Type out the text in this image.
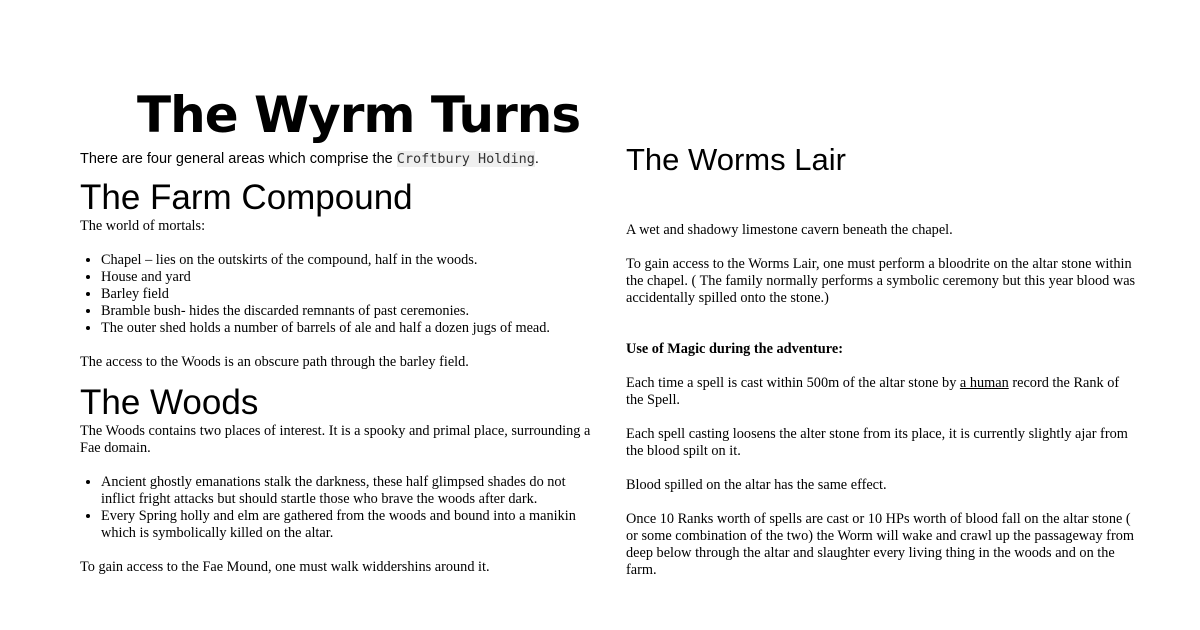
The Wyrm Turns

There are four general areas which comprise the Croftbury Holding.

The Farm Compound

The world of mortals:

• Chapel – lies on the outskirts of the compound, half in the woods.
• House and yard
• Barley field
• Bramble bush- hides the discarded remnants of past ceremonies.
• The outer shed holds a number of barrels of ale and half a dozen jugs of mead.

The access to the Woods is an obscure path through the barley field.

The Woods

The Woods contains two places of interest. It is a spooky and primal place, surrounding a Fae domain.

• Ancient ghostly emanations stalk the darkness, these half glimpsed shades do not inflict fright attacks but should startle those who brave the woods after dark.
• Every Spring holly and elm are gathered from the woods and bound into a manikin which is symbolically killed on the altar.

To gain access to the Fae Mound, one must walk widdershins around it.

The Worms Lair

A wet and shadowy limestone cavern beneath the chapel.

To gain access to the Worms Lair, one must perform a bloodrite on the altar stone within the chapel. ( The family normally performs a symbolic ceremony but this year blood was accidentally spilled onto the stone.)

Use of Magic during the adventure:

Each time a spell is cast within 500m of the altar stone by a human record the Rank of the Spell.

Each spell casting loosens the alter stone from its place, it is currently slightly ajar from the blood spilt on it.

Blood spilled on the altar has the same effect.

Once 10 Ranks worth of spells are cast or 10 HPs worth of blood fall on the altar stone ( or some combination of the two) the Worm will wake and crawl up the passageway from deep below through the altar and slaughter every living thing in the woods and on the farm.
